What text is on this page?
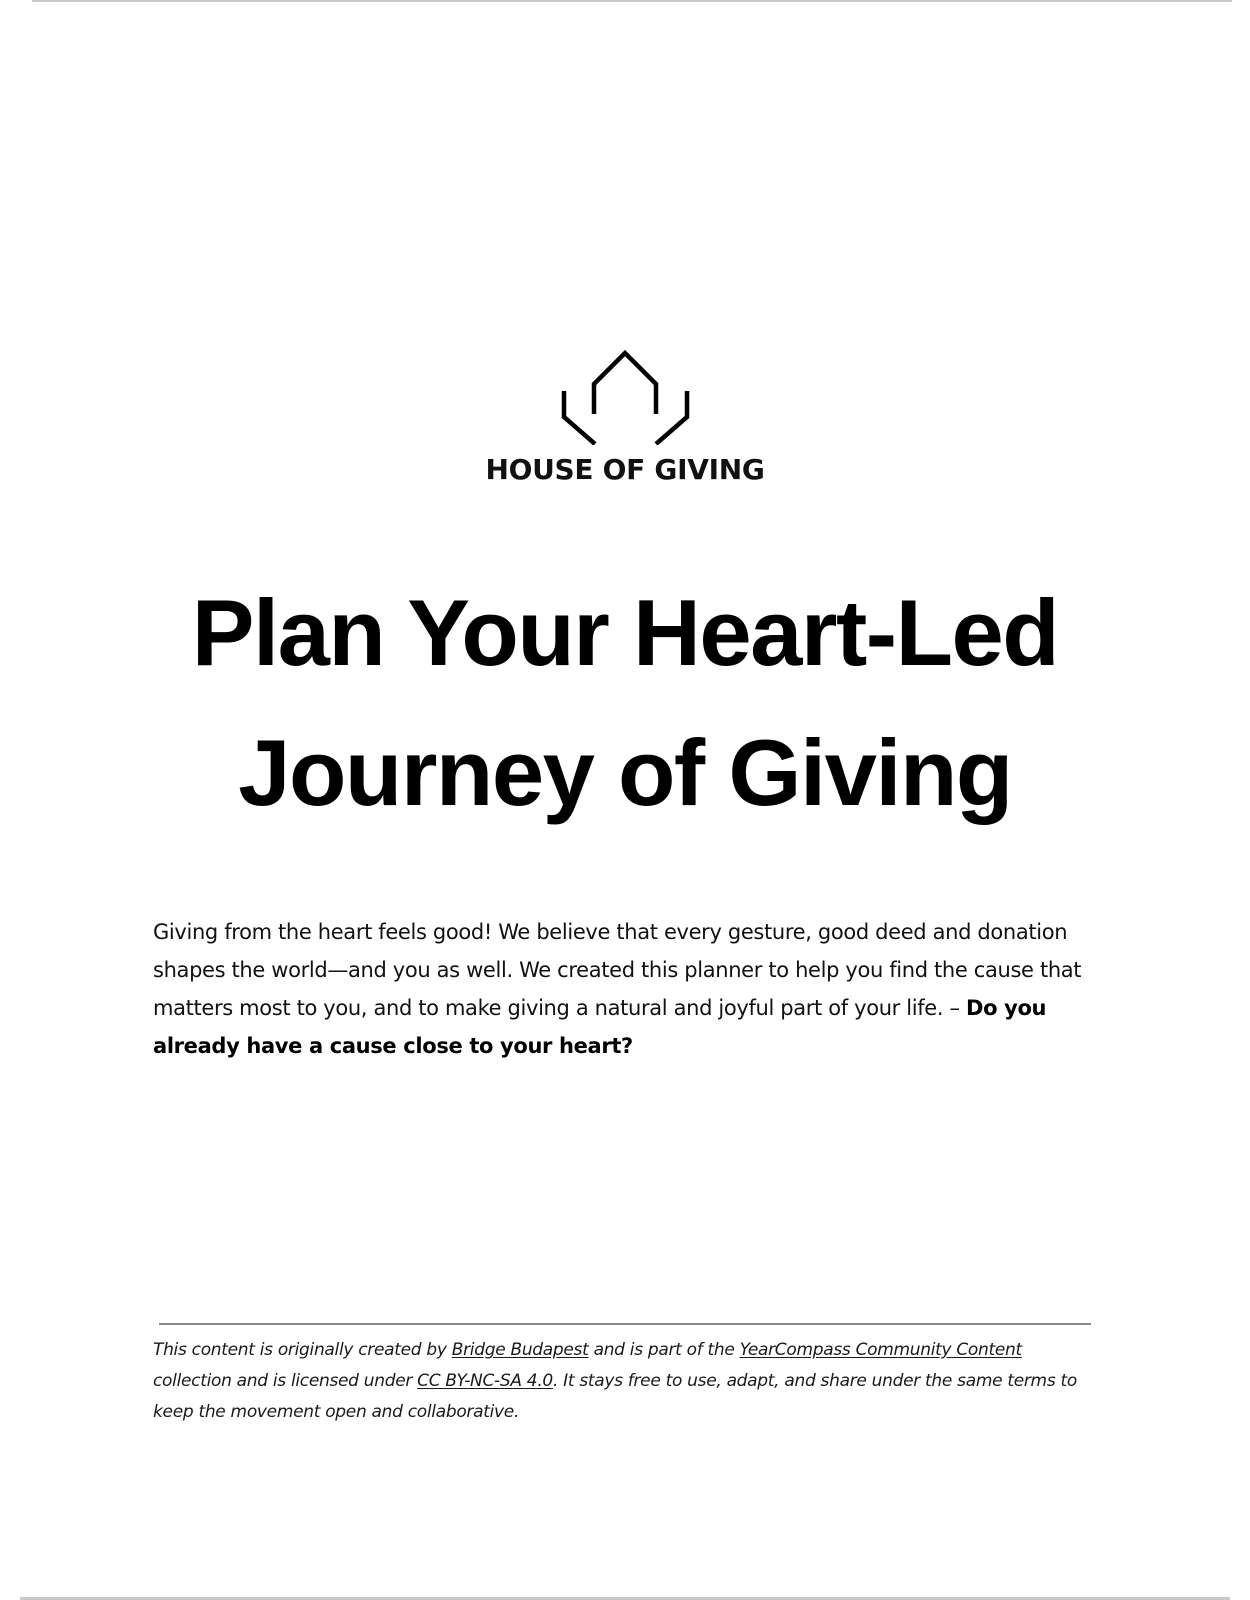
HOUSE OF GIVING
Plan Your Heart-Led
Journey of Giving

Giving from the heart feels good! We believe that every gesture, good deed and donation shapes the world—and you as well. We created this planner to help you find the cause that matters most to you, and to make giving a natural and joyful part of your life. – Do you already have a cause close to your heart?

This content is originally created by Bridge Budapest and is part of the YearCompass Community Content collection and is licensed under CC BY-NC-SA 4.0. It stays free to use, adapt, and share under the same terms to keep the movement open and collaborative.
